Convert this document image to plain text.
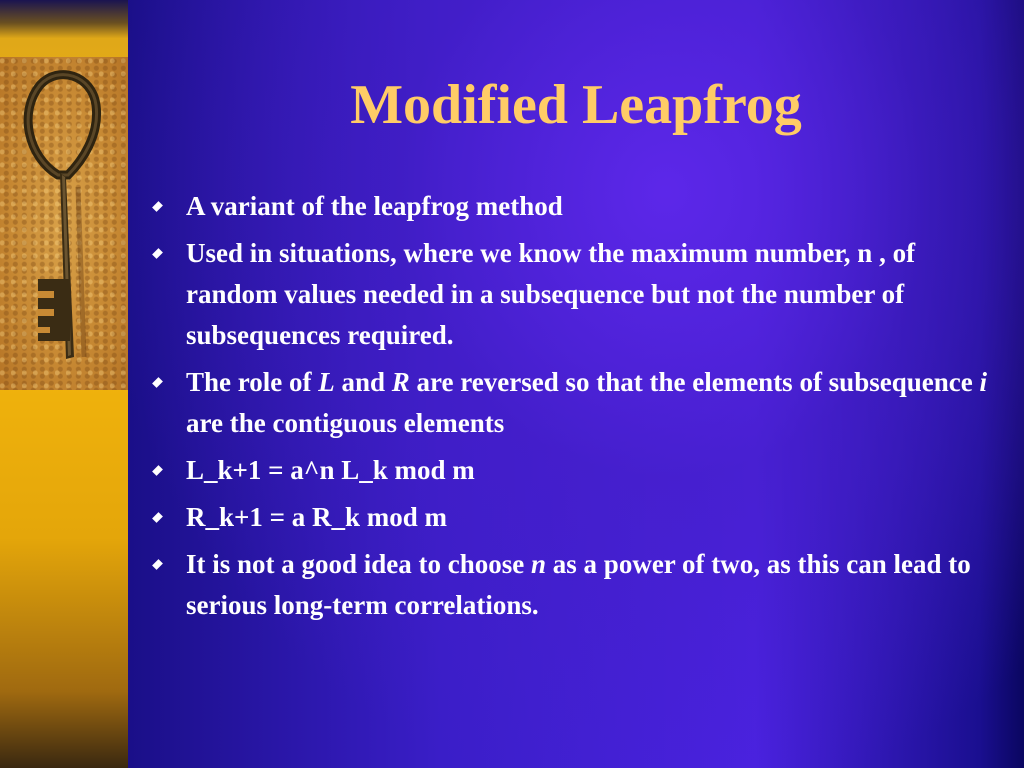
Modified Leapfrog
A variant of the leapfrog method
Used in situations, where we know the maximum number, n , of   random values needed in a subsequence but not the number of subsequences required.
The role of L and R are reversed so that the elements of subsequence i are the contiguous elements
L_k+1 = a^n L_k mod m
R_k+1 = a R_k mod m
It is not a good idea to choose n as a power of two, as this can lead to serious long-term correlations.
